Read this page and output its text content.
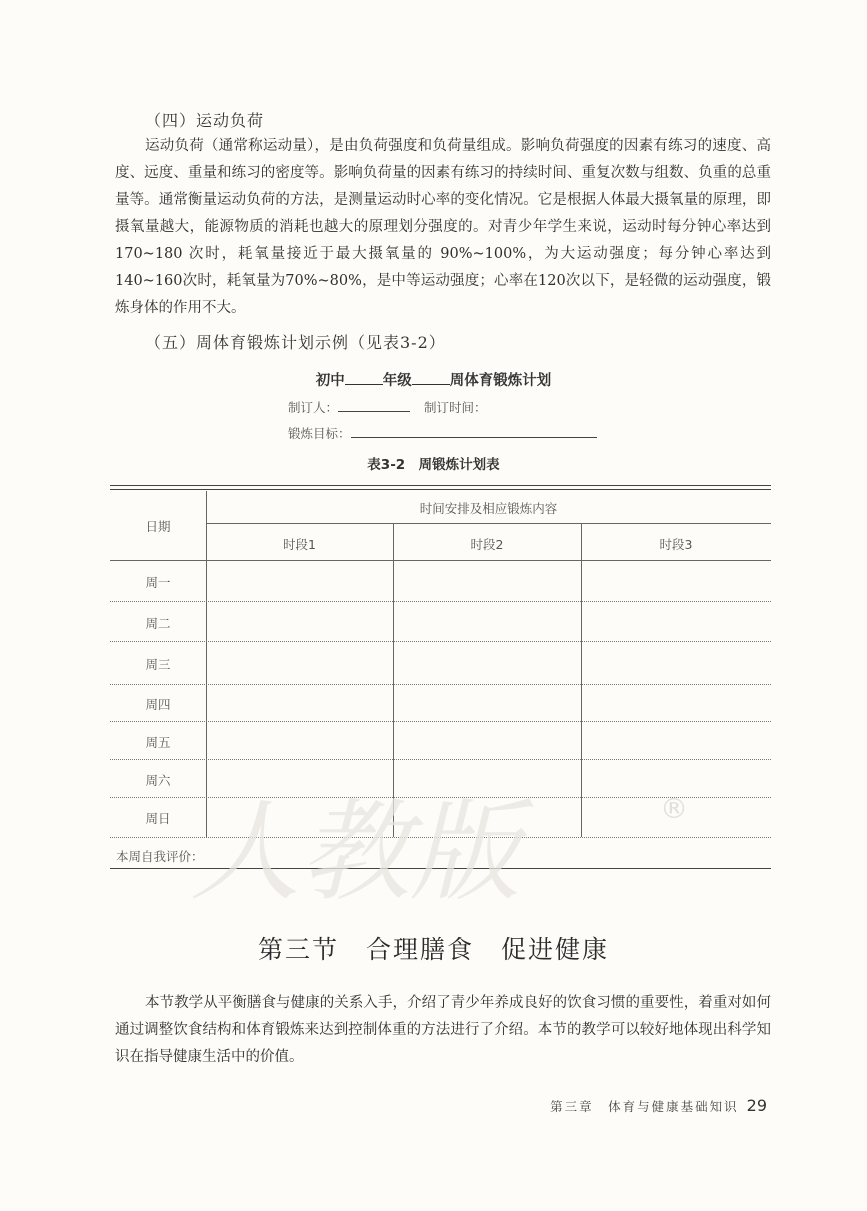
（四）运动负荷

运动负荷（通常称运动量），是由负荷强度和负荷量组成。影响负荷强度的因素有练习的速度、高度、远度、重量和练习的密度等。影响负荷量的因素有练习的持续时间、重复次数与组数、负重的总重量等。通常衡量运动负荷的方法，是测量运动时心率的变化情况。它是根据人体最大摄氧量的原理，即摄氧量越大，能源物质的消耗也越大的原理划分强度的。对青少年学生来说，运动时每分钟心率达到 170~180 次时，耗氧量接近于最大摄氧量的 90%~100%，为大运动强度；每分钟心率达到140~160次时，耗氧量为70%~80%，是中等运动强度；心率在120次以下，是轻微的运动强度，锻炼身体的作用不大。

（五）周体育锻炼计划示例（见表3-2）
初中	年级	周体育锻炼计划
制订人：	制订时间：
锻炼目标：
表3-2　周锻炼计划表
日期
时间安排及相应锻炼内容
时段1	时段2	时段3
周一
周二
周三
周四
周五
周六
周日
本周自我评价：
人教版	®
第三节　合理膳食　促进健康

本节教学从平衡膳食与健康的关系入手，介绍了青少年养成良好的饮食习惯的重要性，着重对如何通过调整饮食结构和体育锻炼来达到控制体重的方法进行了介绍。本节的教学可以较好地体现出科学知识在指导健康生活中的价值。

第三章　体育与健康基础知识 29
